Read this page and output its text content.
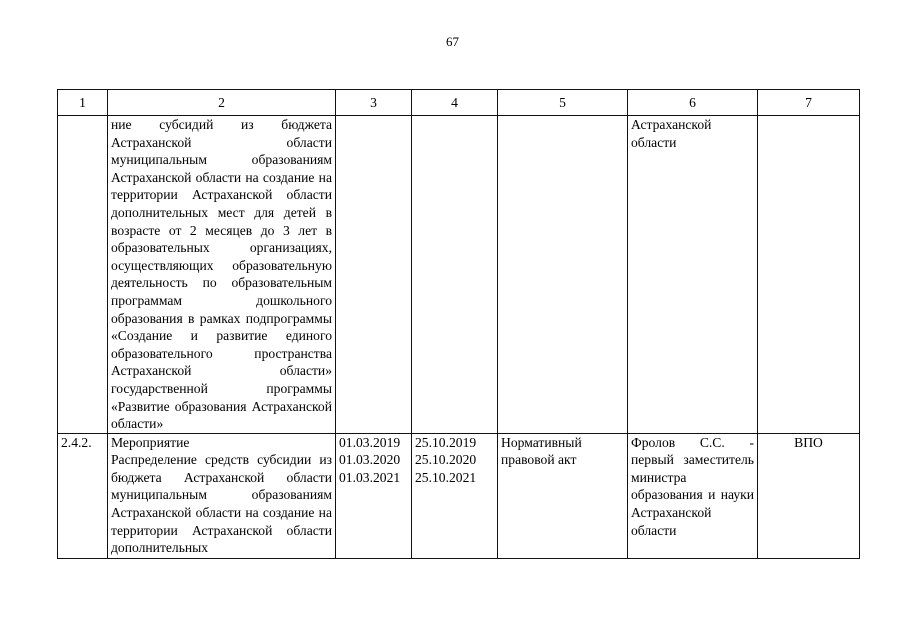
67
1	2	3	4	5	6	7
	ние субсидий из бюджета Астраханской области муниципальным образованиям Астраханской области на создание на территории Астраханской области дополнительных мест для детей в возрасте от 2 месяцев до 3 лет в образовательных организациях, осуществляющих образовательную деятельность по образовательным программам дошкольного образования в рамках подпрограммы «Создание и развитие единого образовательного пространства Астраханской области» государственной программы «Развитие образования Астраханской области»				Астраханской области	
2.4.2.	Мероприятие
Распределение средств субсидии из бюджета Астраханской области муниципальным образованиям Астраханской области на создание на территории Астраханской области дополнительных	01.03.2019
01.03.2020
01.03.2021	25.10.2019
25.10.2020
25.10.2021	Нормативный правовой акт	Фролов С.С. - первый заместитель министра образования и науки Астраханской области	ВПО
